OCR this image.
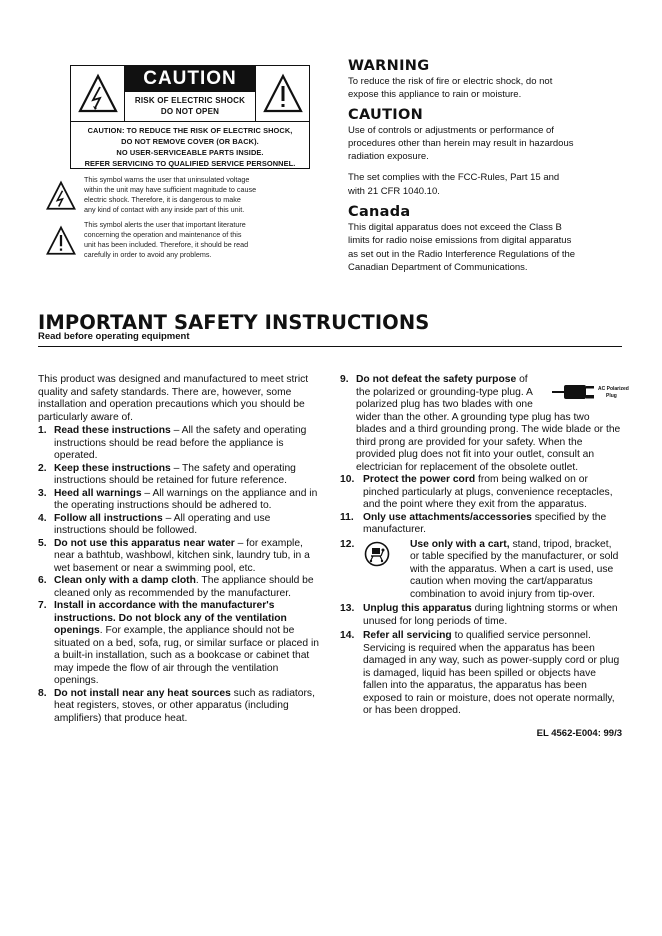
CAUTION
RISK OF ELECTRIC SHOCK
DO NOT OPEN
CAUTION: TO REDUCE THE RISK OF ELECTRIC SHOCK,
DO NOT REMOVE COVER (OR BACK).
NO USER-SERVICEABLE PARTS INSIDE.
REFER SERVICING TO QUALIFIED SERVICE PERSONNEL.
This symbol warns the user that uninsulated voltage
within the unit may have sufficient magnitude to cause
electric shock. Therefore, it is dangerous to make
any kind of contact with any inside part of this unit.
This symbol alerts the user that important literature
concerning the operation and maintenance of this
unit has been included. Therefore, it should be read
carefully in order to avoid any problems.
WARNING

To reduce the risk of fire or electric shock, do not
expose this appliance to rain or moisture.

CAUTION

Use of controls or adjustments or performance of
procedures other than herein may result in hazardous
radiation exposure.

The set complies with the FCC-Rules, Part 15 and
with 21 CFR 1040.10.

Canada

This digital apparatus does not exceed the Class B
limits for radio noise emissions from digital apparatus
as set out in the Radio Interference Regulations of the
Canadian Department of Communications.

IMPORTANT SAFETY INSTRUCTIONS
Read before operating equipment

This product was designed and manufactured to meet strict quality and safety standards. There are, however, some installation and operation precautions which you should be particularly aware of.

1. Read these instructions – All the safety and operating instructions should be read before the appliance is operated.
2. Keep these instructions – The safety and operating instructions should be retained for future reference.
3. Heed all warnings – All warnings on the appliance and in the operating instructions should be adhered to.
4. Follow all instructions – All operating and use instructions should be followed.
5. Do not use this apparatus near water – for example, near a bathtub, washbowl, kitchen sink, laundry tub, in a wet basement or near a swimming pool, etc.
6. Clean only with a damp cloth. The appliance should be cleaned only as recommended by the manufacturer.
7. Install in accordance with the manufacturer's instructions. Do not block any of the ventilation openings. For example, the appliance should not be situated on a bed, sofa, rug, or similar surface or placed in a built-in installation, such as a bookcase or cabinet that may impede the flow of air through the ventilation openings.
8. Do not install near any heat sources such as radiators, heat registers, stoves, or other apparatus (including amplifiers) that produce heat.
9.
AC Polarized
Plug
Do not defeat the safety purpose of the polarized or grounding-type plug. A polarized plug has two blades with one wider than the other. A grounding type plug has two blades and a third grounding prong. The wide blade or the third prong are provided for your safety. When the provided plug does not fit into your outlet, consult an electrician for replacement of the obsolete outlet.
10. Protect the power cord from being walked on or pinched particularly at plugs, convenience receptacles, and the point where they exit from the apparatus.
11. Only use attachments/accessories specified by the manufacturer.
12.	Use only with a cart, stand, tripod, bracket, or table specified by the manufacturer, or sold with the apparatus. When a cart is used, use caution when moving the cart/apparatus combination to avoid injury from tip-over.
13. Unplug this apparatus during lightning storms or when unused for long periods of time.
14. Refer all servicing to qualified service personnel. Servicing is required when the apparatus has been damaged in any way, such as power-supply cord or plug is damaged, liquid has been spilled or objects have fallen into the apparatus, the apparatus has been exposed to rain or moisture, does not operate normally, or has been dropped.
EL 4562-E004: 99/3
